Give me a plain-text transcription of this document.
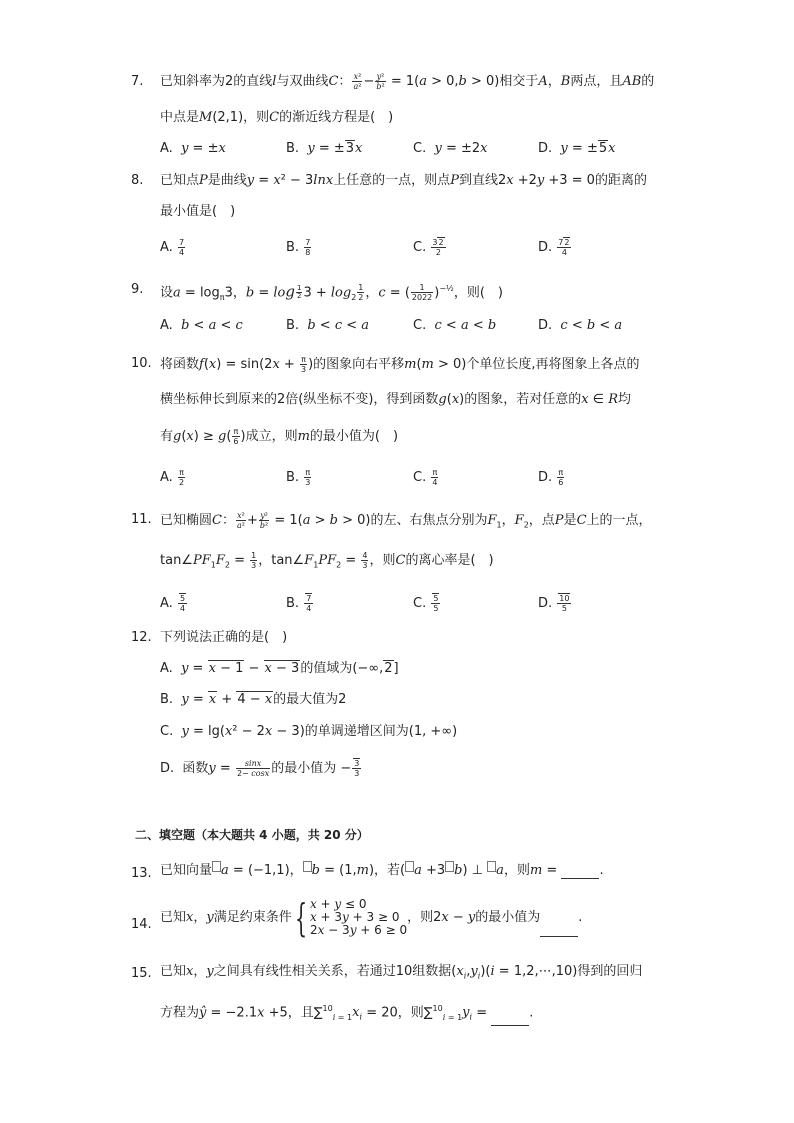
7. 已知斜率为2的直线l与双曲线C： $\frac{\text{x²}}{\text{a²}} - \frac{\text{y²}}{\text{b²}} = 1(a > 0,b > 0)$相交于A，B两点，且AB的
中点是M(2,1)，则C的渐近线方程是(　)
A.  y = ±x	B.  y = ±3x	C.  y = ±2x	D.  y = ±5x
8. 已知点P是曲线y = x² − 3lnx上任意的一点，则点P到直线2x +2y +3 = 0的距离的
最小值是(　)
A. $\frac{7}{4}$	B. $\frac{7}{8}$	C. $\frac{32}{2}$	D. $\frac{72}{4}$
9. 设$a = \log_\pi 3$，$b = \log \frac{1}{2} 3 + \log_2 \frac{1}{2}$ ，c = ( $\frac{1}{2022} )^{-\frac{1}{2}}$，则(　)
A.  b < a < c	B.  b < c < a	C.  c < a < b	D.  c < b < a
10. 将函数$f(x) = \sin(2x + \frac{\pi}{3}$ )的图象向右平移m(m > 0)个单位长度,再将图象上各点的
横坐标伸长到原来的2倍(纵坐标不变)，得到函数g(x)的图象，若对任意的x ∈ R均
有$g(x) \ge g( \frac{\pi}{6}$ )成立，则m的最小值为(　)
A. $\frac{\pi}{2}$	B. $\frac{\pi}{3}$	C. $\frac{\pi}{4}$	D. $\frac{\pi}{6}$
11. 已知椭圆C： $\frac{\text{x²}}{\text{a²}} + \frac{\text{y²}}{\text{b²}} = 1(a > b > 0)$的左、右焦点分别为$F_1$，$F_2$，点P是C上的一点，
$\tan\angle PF_1F_2 = \frac{1}{3}$ ，$\tan\angle F_1PF_2 = \frac{4}{3}$ ，则C的离心率是(　)
A. $\frac{5}{4}$	B. $\frac{7}{4}$	C. $\frac{5}{5}$	D. $\frac{10}{5}$
12. 下列说法正确的是(　)
A.  y = x − 1 − x − 3的值域为(−∞,2]
B.  y = x + 4 − x的最大值为2
C.  y = lg(x² − 2x − 3)的单调递增区间为(1, +∞)
D.  函数$y = \frac{\sin x}{2- \cos x}$ 的最小值为 − $\frac{3}{3}$
二、填空题（本大题共 4 小题，共 20 分）
13. 已知向量 a = (−1,1)， b = (1,m)，若( a +3 b) ⊥ a，则m =	.
14. 已知x，y满足约束条件{ x + y ≤ 0
x + 3y + 3 ≥ 0
2x − 3y + 6 ≥ 0，则2x − y的最小值为	.
15. 已知x，y之间具有线性相关关系，若通过10组数据$(x_i,y_i)(i$ = 1,2,⋯,10)得到的回归
方程为ŷ = −2.1x +5，且$\sum^{10}_{i = 1}x_i = 20$，则$\sum^{10}_{i = 1}y_i$ =	.
